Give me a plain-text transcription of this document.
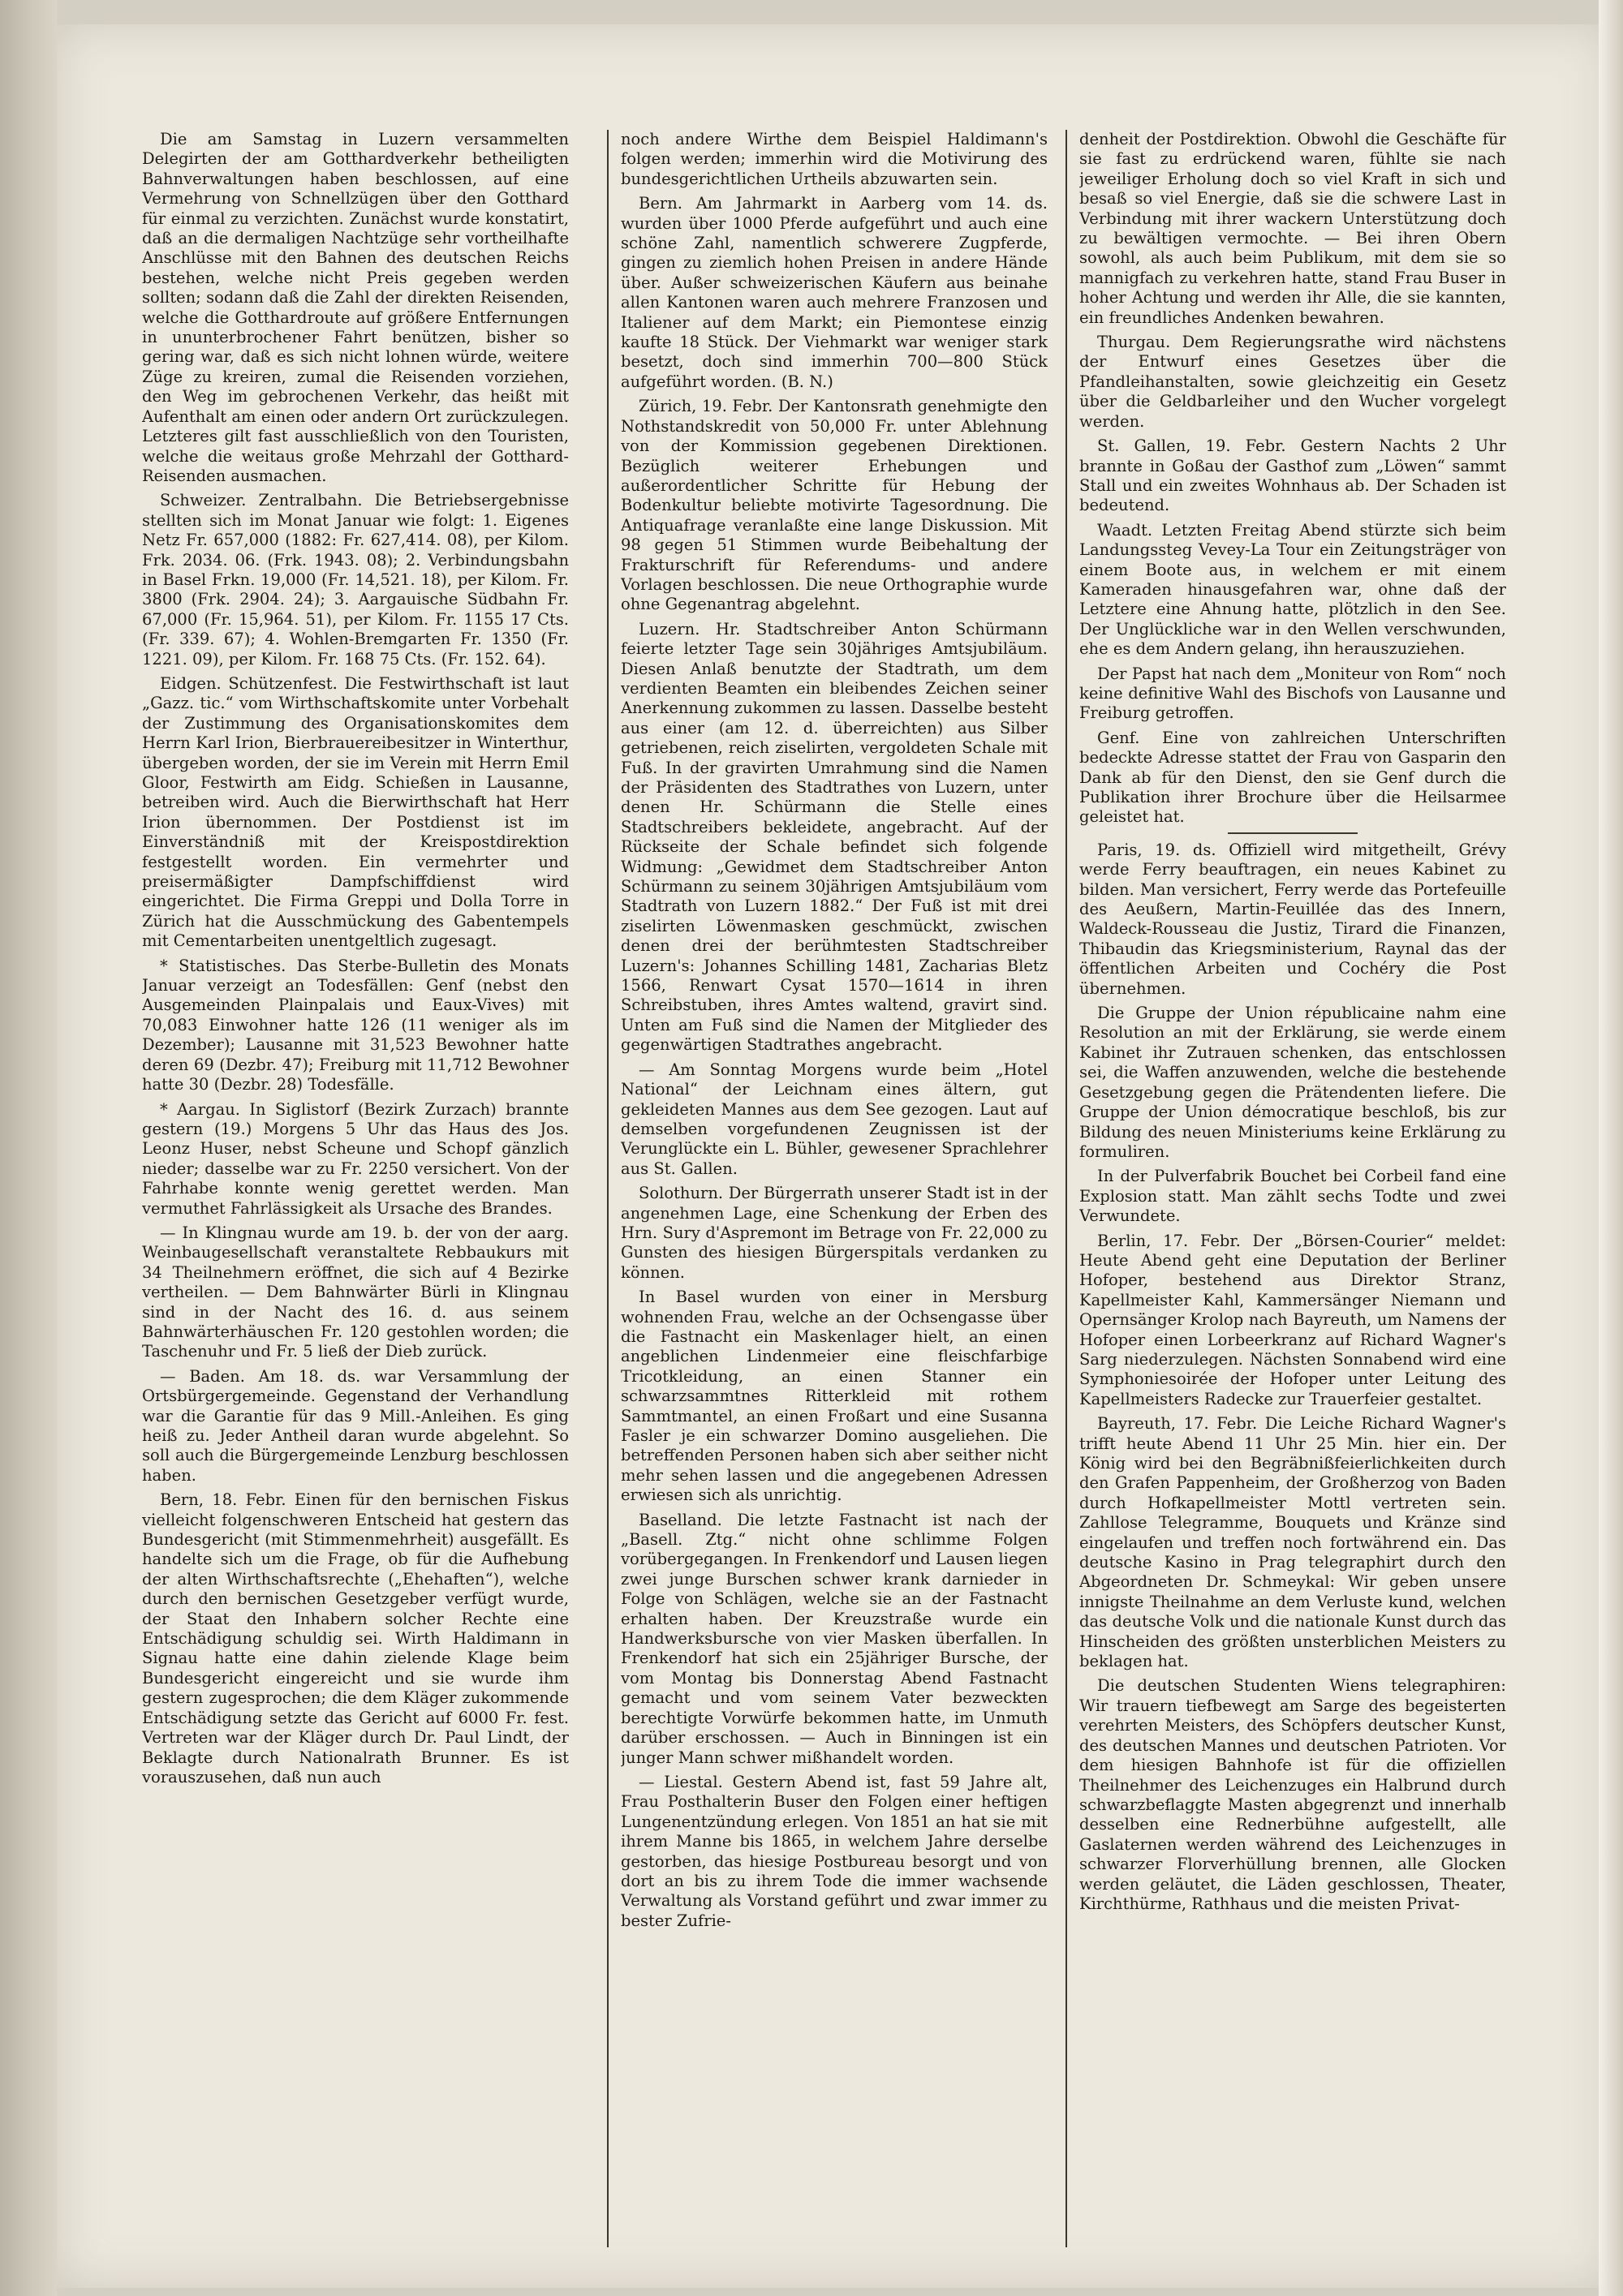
Die am Samstag in Luzern versammelten Delegirten der am Gotthardverkehr betheiligten Bahnverwaltungen haben beschlossen, auf eine Vermehrung von Schnellzügen über den Gotthard für einmal zu verzichten. Zunächst wurde konstatirt, daß an die dermaligen Nachtzüge sehr vortheilhafte Anschlüsse mit den Bahnen des deutschen Reichs bestehen, welche nicht Preis gegeben werden sollten; sodann daß die Zahl der direkten Reisenden, welche die Gotthardroute auf größere Entfernungen in ununterbrochener Fahrt benützen, bisher so gering war, daß es sich nicht lohnen würde, weitere Züge zu kreiren, zumal die Reisenden vorziehen, den Weg im gebrochenen Verkehr, das heißt mit Aufenthalt am einen oder andern Ort zurückzulegen. Letzteres gilt fast ausschließlich von den Touristen, welche die weitaus große Mehrzahl der Gotthard-Reisenden ausmachen.

Schweizer. Zentralbahn. Die Betriebsergebnisse stellten sich im Monat Januar wie folgt: 1. Eigenes Netz Fr. 657,000 (1882: Fr. 627,414. 08), per Kilom. Frk. 2034. 06. (Frk. 1943. 08); 2. Verbindungsbahn in Basel Frkn. 19,000 (Fr. 14,521. 18), per Kilom. Fr. 3800 (Frk. 2904. 24); 3. Aargauische Südbahn Fr. 67,000 (Fr. 15,964. 51), per Kilom. Fr. 1155 17 Cts. (Fr. 339. 67); 4. Wohlen-Bremgarten Fr. 1350 (Fr. 1221. 09), per Kilom. Fr. 168 75 Cts. (Fr. 152. 64).

Eidgen. Schützenfest. Die Festwirthschaft ist laut „Gazz. tic.“ vom Wirthschaftskomite unter Vorbehalt der Zustimmung des Organisationskomites dem Herrn Karl Irion, Bierbrauereibesitzer in Winterthur, übergeben worden, der sie im Verein mit Herrn Emil Gloor, Festwirth am Eidg. Schießen in Lausanne, betreiben wird. Auch die Bierwirthschaft hat Herr Irion übernommen. Der Postdienst ist im Einverständniß mit der Kreispostdirektion festgestellt worden. Ein vermehrter und preisermäßigter Dampfschiffdienst wird eingerichtet. Die Firma Greppi und Dolla Torre in Zürich hat die Ausschmückung des Gabentempels mit Cementarbeiten unentgeltlich zugesagt.

* Statistisches. Das Sterbe-Bulletin des Monats Januar verzeigt an Todesfällen: Genf (nebst den Ausgemeinden Plainpalais und Eaux-Vives) mit 70,083 Einwohner hatte 126 (11 weniger als im Dezember); Lausanne mit 31,523 Bewohner hatte deren 69 (Dezbr. 47); Freiburg mit 11,712 Bewohner hatte 30 (Dezbr. 28) Todesfälle.

* Aargau. In Siglistorf (Bezirk Zurzach) brannte gestern (19.) Morgens 5 Uhr das Haus des Jos. Leonz Huser, nebst Scheune und Schopf gänzlich nieder; dasselbe war zu Fr. 2250 versichert. Von der Fahrhabe konnte wenig gerettet werden. Man vermuthet Fahrlässigkeit als Ursache des Brandes.

— In Klingnau wurde am 19. b. der von der aarg. Weinbaugesellschaft veranstaltete Rebbaukurs mit 34 Theilnehmern eröffnet, die sich auf 4 Bezirke vertheilen. — Dem Bahnwärter Bürli in Klingnau sind in der Nacht des 16. d. aus seinem Bahnwärterhäuschen Fr. 120 gestohlen worden; die Taschenuhr und Fr. 5 ließ der Dieb zurück.

— Baden. Am 18. ds. war Versammlung der Ortsbürgergemeinde. Gegenstand der Verhandlung war die Garantie für das 9 Mill.-Anleihen. Es ging heiß zu. Jeder Antheil daran wurde abgelehnt. So soll auch die Bürgergemeinde Lenzburg beschlossen haben.

Bern, 18. Febr. Einen für den bernischen Fiskus vielleicht folgenschweren Entscheid hat gestern das Bundesgericht (mit Stimmenmehrheit) ausgefällt. Es handelte sich um die Frage, ob für die Aufhebung der alten Wirthschaftsrechte („Ehehaften“), welche durch den bernischen Gesetzgeber verfügt wurde, der Staat den Inhabern solcher Rechte eine Entschädigung schuldig sei. Wirth Haldimann in Signau hatte eine dahin zielende Klage beim Bundesgericht eingereicht und sie wurde ihm gestern zugesprochen; die dem Kläger zukommende Entschädigung setzte das Gericht auf 6000 Fr. fest. Vertreten war der Kläger durch Dr. Paul Lindt, der Beklagte durch Nationalrath Brunner. Es ist vorauszusehen, daß nun auch

noch andere Wirthe dem Beispiel Haldimann's folgen werden; immerhin wird die Motivirung des bundesgerichtlichen Urtheils abzuwarten sein.

Bern. Am Jahrmarkt in Aarberg vom 14. ds. wurden über 1000 Pferde aufgeführt und auch eine schöne Zahl, namentlich schwerere Zugpferde, gingen zu ziemlich hohen Preisen in andere Hände über. Außer schweizerischen Käufern aus beinahe allen Kantonen waren auch mehrere Franzosen und Italiener auf dem Markt; ein Piemontese einzig kaufte 18 Stück. Der Viehmarkt war weniger stark besetzt, doch sind immerhin 700—800 Stück aufgeführt worden. (B. N.)

Zürich, 19. Febr. Der Kantonsrath genehmigte den Nothstandskredit von 50,000 Fr. unter Ablehnung von der Kommission gegebenen Direktionen. Bezüglich weiterer Erhebungen und außerordentlicher Schritte für Hebung der Bodenkultur beliebte motivirte Tagesordnung. Die Antiquafrage veranlaßte eine lange Diskussion. Mit 98 gegen 51 Stimmen wurde Beibehaltung der Frakturschrift für Referendums- und andere Vorlagen beschlossen. Die neue Orthographie wurde ohne Gegenantrag abgelehnt.

Luzern. Hr. Stadtschreiber Anton Schürmann feierte letzter Tage sein 30jähriges Amtsjubiläum. Diesen Anlaß benutzte der Stadtrath, um dem verdienten Beamten ein bleibendes Zeichen seiner Anerkennung zukommen zu lassen. Dasselbe besteht aus einer (am 12. d. überreichten) aus Silber getriebenen, reich ziselirten, vergoldeten Schale mit Fuß. In der gravirten Umrahmung sind die Namen der Präsidenten des Stadtrathes von Luzern, unter denen Hr. Schürmann die Stelle eines Stadtschreibers bekleidete, angebracht. Auf der Rückseite der Schale befindet sich folgende Widmung: „Gewidmet dem Stadtschreiber Anton Schürmann zu seinem 30jährigen Amtsjubiläum vom Stadtrath von Luzern 1882.“ Der Fuß ist mit drei ziselirten Löwenmasken geschmückt, zwischen denen drei der berühmtesten Stadtschreiber Luzern's: Johannes Schilling 1481, Zacharias Bletz 1566, Renwart Cysat 1570—1614 in ihren Schreibstuben, ihres Amtes waltend, gravirt sind. Unten am Fuß sind die Namen der Mitglieder des gegenwärtigen Stadtrathes angebracht.

— Am Sonntag Morgens wurde beim „Hotel National“ der Leichnam eines ältern, gut gekleideten Mannes aus dem See gezogen. Laut auf demselben vorgefundenen Zeugnissen ist der Verunglückte ein L. Bühler, gewesener Sprachlehrer aus St. Gallen.

Solothurn. Der Bürgerrath unserer Stadt ist in der angenehmen Lage, eine Schenkung der Erben des Hrn. Sury d'Aspremont im Betrage von Fr. 22,000 zu Gunsten des hiesigen Bürgerspitals verdanken zu können.

In Basel wurden von einer in Mersburg wohnenden Frau, welche an der Ochsengasse über die Fastnacht ein Maskenlager hielt, an einen angeblichen Lindenmeier eine fleischfarbige Tricotkleidung, an einen Stanner ein schwarzsammtnes Ritterkleid mit rothem Sammtmantel, an einen Froßart und eine Susanna Fasler je ein schwarzer Domino ausgeliehen. Die betreffenden Personen haben sich aber seither nicht mehr sehen lassen und die angegebenen Adressen erwiesen sich als unrichtig.

Baselland. Die letzte Fastnacht ist nach der „Basell. Ztg.“ nicht ohne schlimme Folgen vorübergegangen. In Frenkendorf und Lausen liegen zwei junge Burschen schwer krank darnieder in Folge von Schlägen, welche sie an der Fastnacht erhalten haben. Der Kreuzstraße wurde ein Handwerksbursche von vier Masken überfallen. In Frenkendorf hat sich ein 25jähriger Bursche, der vom Montag bis Donnerstag Abend Fastnacht gemacht und vom seinem Vater bezweckten berechtigte Vorwürfe bekommen hatte, im Unmuth darüber erschossen. — Auch in Binningen ist ein junger Mann schwer mißhandelt worden.

— Liestal. Gestern Abend ist, fast 59 Jahre alt, Frau Posthalterin Buser den Folgen einer heftigen Lungenentzündung erlegen. Von 1851 an hat sie mit ihrem Manne bis 1865, in welchem Jahre derselbe gestorben, das hiesige Postbureau besorgt und von dort an bis zu ihrem Tode die immer wachsende Verwaltung als Vorstand geführt und zwar immer zu bester Zufrie-

denheit der Postdirektion. Obwohl die Geschäfte für sie fast zu erdrückend waren, fühlte sie nach jeweiliger Erholung doch so viel Kraft in sich und besaß so viel Energie, daß sie die schwere Last in Verbindung mit ihrer wackern Unterstützung doch zu bewältigen vermochte. — Bei ihren Obern sowohl, als auch beim Publikum, mit dem sie so mannigfach zu verkehren hatte, stand Frau Buser in hoher Achtung und werden ihr Alle, die sie kannten, ein freundliches Andenken bewahren.

Thurgau. Dem Regierungsrathe wird nächstens der Entwurf eines Gesetzes über die Pfandleihanstalten, sowie gleichzeitig ein Gesetz über die Geldbarleiher und den Wucher vorgelegt werden.

St. Gallen, 19. Febr. Gestern Nachts 2 Uhr brannte in Goßau der Gasthof zum „Löwen“ sammt Stall und ein zweites Wohnhaus ab. Der Schaden ist bedeutend.

Waadt. Letzten Freitag Abend stürzte sich beim Landungssteg Vevey-La Tour ein Zeitungsträger von einem Boote aus, in welchem er mit einem Kameraden hinausgefahren war, ohne daß der Letztere eine Ahnung hatte, plötzlich in den See. Der Unglückliche war in den Wellen verschwunden, ehe es dem Andern gelang, ihn herauszuziehen.

Der Papst hat nach dem „Moniteur von Rom“ noch keine definitive Wahl des Bischofs von Lausanne und Freiburg getroffen.

Genf. Eine von zahlreichen Unterschriften bedeckte Adresse stattet der Frau von Gasparin den Dank ab für den Dienst, den sie Genf durch die Publikation ihrer Brochure über die Heilsarmee geleistet hat.

Paris, 19. ds. Offiziell wird mitgetheilt, Grévy werde Ferry beauftragen, ein neues Kabinet zu bilden. Man versichert, Ferry werde das Portefeuille des Aeußern, Martin-Feuillée das des Innern, Waldeck-Rousseau die Justiz, Tirard die Finanzen, Thibaudin das Kriegsministerium, Raynal das der öffentlichen Arbeiten und Cochéry die Post übernehmen.

Die Gruppe der Union républicaine nahm eine Resolution an mit der Erklärung, sie werde einem Kabinet ihr Zutrauen schenken, das entschlossen sei, die Waffen anzuwenden, welche die bestehende Gesetzgebung gegen die Prätendenten liefere. Die Gruppe der Union démocratique beschloß, bis zur Bildung des neuen Ministeriums keine Erklärung zu formuliren.

In der Pulverfabrik Bouchet bei Corbeil fand eine Explosion statt. Man zählt sechs Todte und zwei Verwundete.

Berlin, 17. Febr. Der „Börsen-Courier“ meldet: Heute Abend geht eine Deputation der Berliner Hofoper, bestehend aus Direktor Stranz, Kapellmeister Kahl, Kammersänger Niemann und Opernsänger Krolop nach Bayreuth, um Namens der Hofoper einen Lorbeerkranz auf Richard Wagner's Sarg niederzulegen. Nächsten Sonnabend wird eine Symphoniesoirée der Hofoper unter Leitung des Kapellmeisters Radecke zur Trauerfeier gestaltet.

Bayreuth, 17. Febr. Die Leiche Richard Wagner's trifft heute Abend 11 Uhr 25 Min. hier ein. Der König wird bei den Begräbnißfeierlichkeiten durch den Grafen Pappenheim, der Großherzog von Baden durch Hofkapellmeister Mottl vertreten sein. Zahllose Telegramme, Bouquets und Kränze sind eingelaufen und treffen noch fortwährend ein. Das deutsche Kasino in Prag telegraphirt durch den Abgeordneten Dr. Schmeykal: Wir geben unsere innigste Theilnahme an dem Verluste kund, welchen das deutsche Volk und die nationale Kunst durch das Hinscheiden des größten unsterblichen Meisters zu beklagen hat.

Die deutschen Studenten Wiens telegraphiren: Wir trauern tiefbewegt am Sarge des begeisterten verehrten Meisters, des Schöpfers deutscher Kunst, des deutschen Mannes und deutschen Patrioten. Vor dem hiesigen Bahnhofe ist für die offiziellen Theilnehmer des Leichenzuges ein Halbrund durch schwarzbeflaggte Masten abgegrenzt und innerhalb desselben eine Rednerbühne aufgestellt, alle Gaslaternen werden während des Leichenzuges in schwarzer Florverhüllung brennen, alle Glocken werden geläutet, die Läden geschlossen, Theater, Kirchthürme, Rathhaus und die meisten Privat-
